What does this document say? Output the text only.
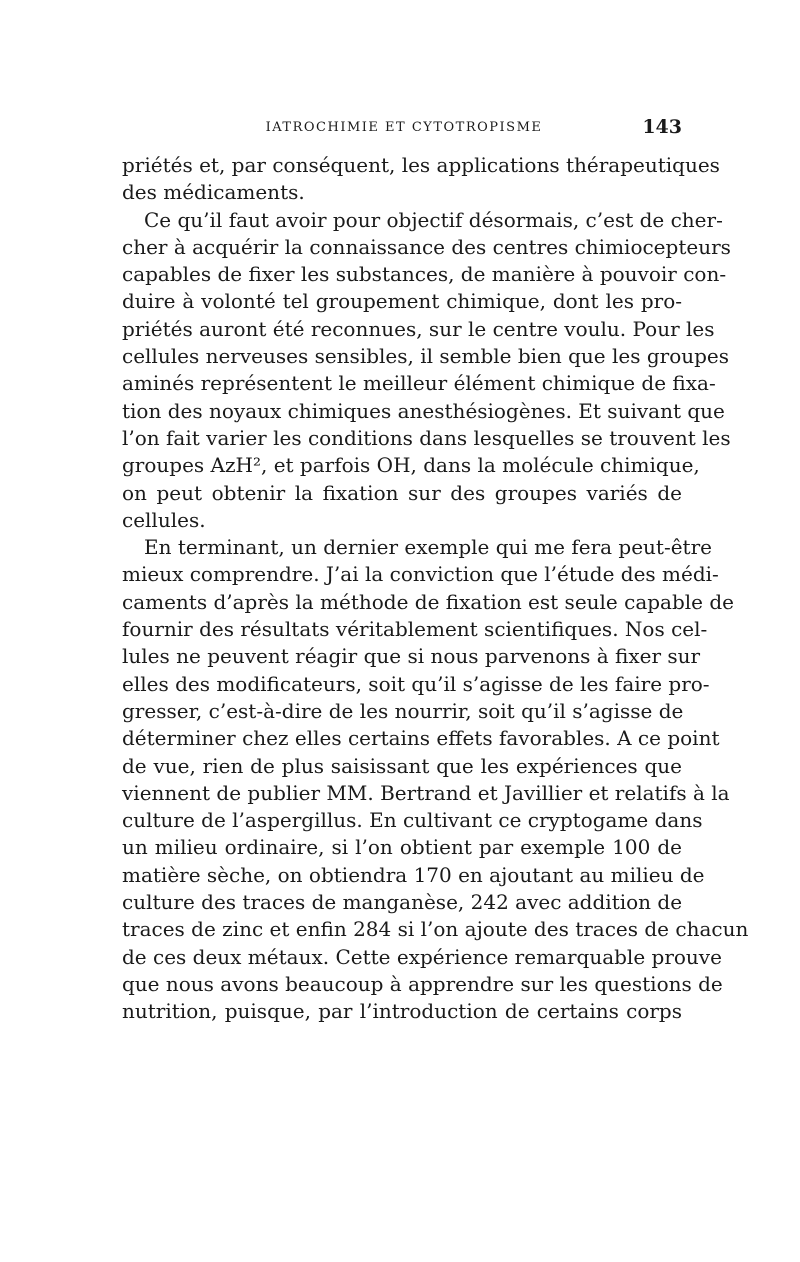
IATROCHIMIE ET CYTOTROPISME	143
priétés et, par conséquent, les applications thérapeutiques
des médicaments.
Ce qu’il faut avoir pour objectif désormais, c’est de cher-
cher à acquérir la connaissance des centres chimiocepteurs
capables de fixer les substances, de manière à pouvoir con-
duire à volonté tel groupement chimique, dont les pro-
priétés auront été reconnues, sur le centre voulu. Pour les
cellules nerveuses sensibles, il semble bien que les groupes
aminés représentent le meilleur élément chimique de fixa-
tion des noyaux chimiques anesthésiogènes. Et suivant que
l’on fait varier les conditions dans lesquelles se trouvent les
groupes AzH², et parfois OH, dans la molécule chimique,
on peut obtenir la fixation sur des groupes variés de
cellules.
En terminant, un dernier exemple qui me fera peut-être
mieux comprendre. J’ai la conviction que l’étude des médi-
caments d’après la méthode de fixation est seule capable de
fournir des résultats véritablement scientifiques. Nos cel-
lules ne peuvent réagir que si nous parvenons à fixer sur
elles des modificateurs, soit qu’il s’agisse de les faire pro-
gresser, c’est-à-dire de les nourrir, soit qu’il s’agisse de
déterminer chez elles certains effets favorables. A ce point
de vue, rien de plus saisissant que les expériences que
viennent de publier MM. Bertrand et Javillier et relatifs à la
culture de l’aspergillus. En cultivant ce cryptogame dans
un milieu ordinaire, si l’on obtient par exemple 100 de
matière sèche, on obtiendra 170 en ajoutant au milieu de
culture des traces de manganèse, 242 avec addition de
traces de zinc et enfin 284 si l’on ajoute des traces de chacun
de ces deux métaux. Cette expérience remarquable prouve
que nous avons beaucoup à apprendre sur les questions de
nutrition, puisque, par l’introduction de certains corps
